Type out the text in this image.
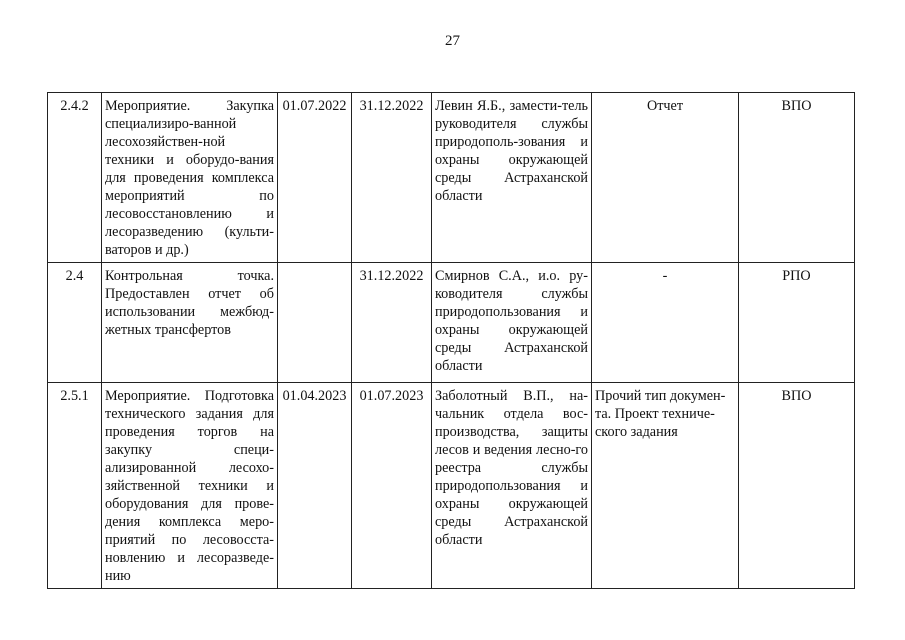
27
2.4.2	Мероприятие. Закупка специализиро-ванной лесохозяйствен-ной техники и оборудо-вания для проведения комплекса мероприятий по лесовосстановлению и лесоразведению (культи-ваторов и др.)	01.07.2022	31.12.2022	Левин Я.Б., замести-тель руководителя службы природополь-зования и охраны окружающей среды Астраханской области	Отчет	ВПО
2.4	Контрольная точка. Предоставлен отчет об использовании межбюд-жетных трансфертов		31.12.2022	Смирнов С.А., и.о. ру-ководителя службы природопользования и охраны окружающей среды Астраханской области	-	РПО
2.5.1	Мероприятие. Подготовка технического задания для проведения торгов на закупку специ-ализированной лесохо-зяйственной техники и оборудования для прове-дения комплекса меро-приятий по лесовосста-новлению и лесоразведе-нию	01.04.2023	01.07.2023	Заболотный В.П., на-чальник отдела вос-производства, защиты лесов и ведения лесно-го реестра службы природопользования и охраны окружающей среды Астраханской области	Прочий тип докумен-та. Проект техниче-ского задания	ВПО
